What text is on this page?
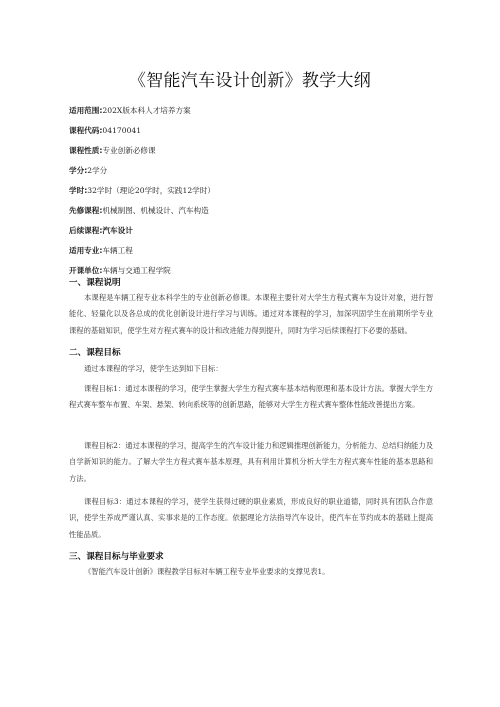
《智能汽车设计创新》教学大纲
适用范围:202X版本科人才培养方案
课程代码:04170041
课程性质:专业创新必修课
学分:2学分
学时:32学时（理论20学时，实践12学时）
先修课程:机械制图、机械设计、汽车构造
后续课程:汽车设计
适用专业:车辆工程
开课单位:车辆与交通工程学院
一、课程说明
本课程是车辆工程专业本科学生的专业创新必修课。本课程主要针对大学生方程式赛车为设计对象，进行智能化、轻量化以及各总成的优化创新设计进行学习与训练。通过对本课程的学习，加深巩固学生在前期所学专业课程的基础知识，使学生对方程式赛车的设计和改进能力得到提升，同时为学习后续课程打下必要的基础。
二、课程目标
通过本课程的学习，使学生达到如下目标：
课程目标1：通过本课程的学习，使学生掌握大学生方程式赛车基本结构原理和基本设计方法。掌握大学生方程式赛车整车布置、车架、悬架、转向系统等的创新思路，能够对大学生方程式赛车整体性能改善提出方案。
课程目标2：通过本课程的学习，提高学生的汽车设计能力和逻辑推理创新能力，分析能力、总结归纳能力及自学新知识的能力。了解大学生方程式赛车基本原理，具有利用计算机分析大学生方程式赛车性能的基本思路和方法。
课程目标3：通过本课程的学习，使学生获得过硬的职业素质，形成良好的职业道德，同时具有团队合作意识，使学生养成严谨认真、实事求是的工作态度。依据理论方法指导汽车设计，使汽车在节约成本的基础上提高性能品质。
三、课程目标与毕业要求
《智能汽车设计创新》课程教学目标对车辆工程专业毕业要求的支撑见表1。
